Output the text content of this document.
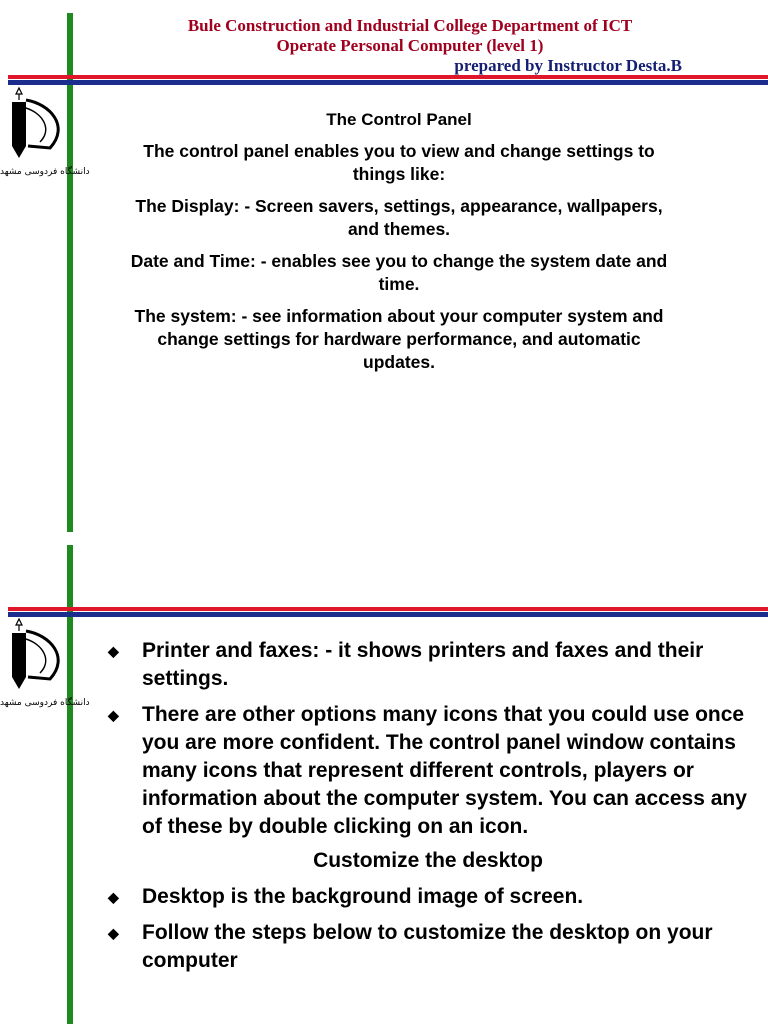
Bule Construction and Industrial College Department of ICT
Operate Personal Computer (level 1)
prepared by Instructor Desta.B
دانشگاه فردوسی مشهد

The Control Panel

The control panel enables you to view and change settings to things like:

The Display: - Screen savers, settings, appearance, wallpapers, and themes.

Date and Time: - enables see you to change the system date and time.

The system: - see information about your computer system and change settings for hardware performance, and automatic updates.

دانشگاه فردوسی مشهد
◆ Printer and faxes: - it shows printers and faxes and their settings.
◆ There are other options many icons that you could use once you are more confident. The control panel window contains many icons that represent different controls, players or information about the computer system. You can access any of these by double clicking on an icon.
Customize the desktop
◆ Desktop is the background image of screen.
◆ Follow the steps below to customize the desktop on your computer
